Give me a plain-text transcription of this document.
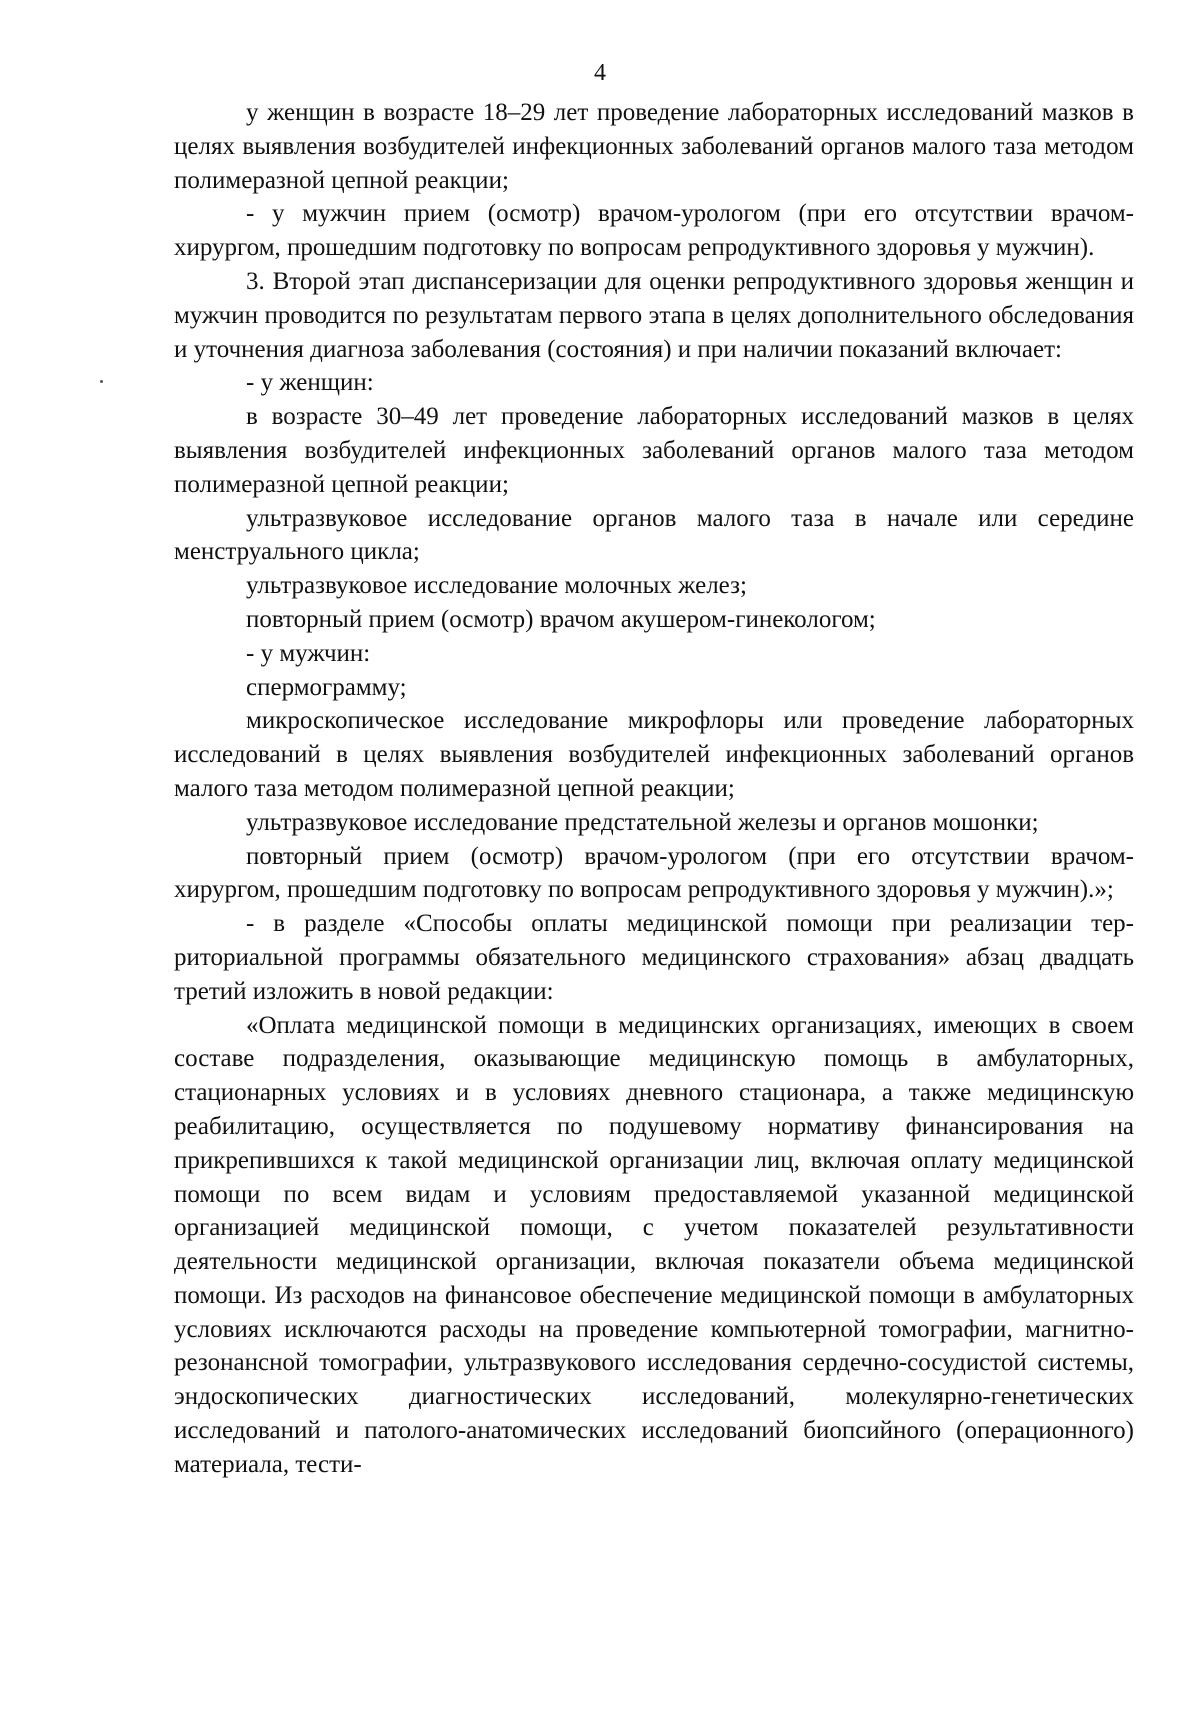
4

у женщин в возрасте 18–29 лет проведение лабораторных исследований мазков в целях выявления возбудителей инфекционных заболеваний органов малого таза методом полимеразной цепной реакции;

- у мужчин прием (осмотр) врачом-урологом (при его отсутствии врачом-хирургом, прошедшим подготовку по вопросам репродуктивного здоровья у мужчин).

3. Второй этап диспансеризации для оценки репродуктивного здоровья женщин и мужчин проводится по результатам первого этапа в целях дополнительного обследования и уточнения диагноза заболевания (состояния) и при наличии показаний включает:

- у женщин:

в возрасте 30–49 лет проведение лабораторных исследований мазков в целях выявления возбудителей инфекционных заболеваний органов малого таза методом полимеразной цепной реакции;

ультразвуковое исследование органов малого таза в начале или середине менструального цикла;

ультразвуковое исследование молочных желез;

повторный прием (осмотр) врачом акушером-гинекологом;

- у мужчин:

спермограмму;

микроскопическое исследование микрофлоры или проведение лабораторных исследований в целях выявления возбудителей инфекционных заболеваний органов малого таза методом полимеразной цепной реакции;

ультразвуковое исследование предстательной железы и органов мошонки;

повторный прием (осмотр) врачом-урологом (при его отсутствии врачом-хирургом, прошедшим подготовку по вопросам репродуктивного здоровья у мужчин).»;

- в разделе «Способы оплаты медицинской помощи при реализации территориальной программы обязательного медицинского страхования» абзац двадцать третий изложить в новой редакции:

«Оплата медицинской помощи в медицинских организациях, имеющих в своем составе подразделения, оказывающие медицинскую помощь в амбулаторных, стационарных условиях и в условиях дневного стационара, а также медицинскую реабилитацию, осуществляется по подушевому нормативу финансирования на прикрепившихся к такой медицинской организации лиц, включая оплату медицинской помощи по всем видам и условиям предоставляемой указанной медицинской организацией медицинской помощи, с учетом показателей результативности деятельности медицинской организации, включая показатели объема медицинской помощи. Из расходов на финансовое обеспечение медицинской помощи в амбулаторных условиях исключаются расходы на проведение компьютерной томографии, магнитно-резонансной томографии, ультразвукового исследования сердечно-сосудистой системы, эндоскопических диагностических исследований, молекулярно-генетических исследований и патолого-анатомических исследований биопсийного (операционного) материала, тести-
